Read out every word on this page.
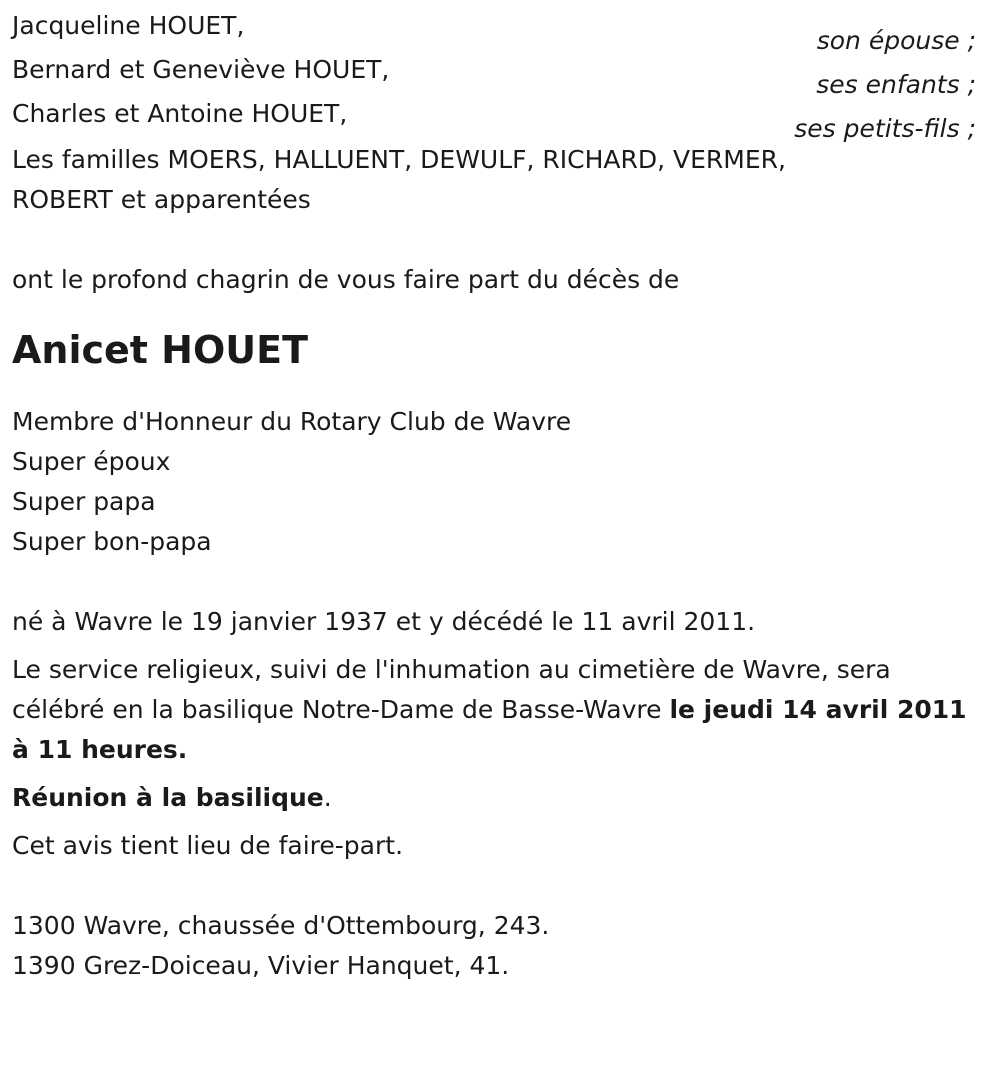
Jacqueline HOUET,
son épouse ;
Bernard et Geneviève HOUET,
ses enfants ;
Charles et Antoine HOUET,
ses petits-fils ;
Les familles MOERS, HALLUENT, DEWULF, RICHARD, VERMER,
ROBERT et apparentées
ont le profond chagrin de vous faire part du décès de
Anicet HOUET
Membre d'Honneur du Rotary Club de Wavre
Super époux
Super papa
Super bon-papa
né à Wavre le 19 janvier 1937 et y décédé le 11 avril 2011.
Le service religieux, suivi de l'inhumation au cimetière de Wavre, sera célébré en la basilique Notre-Dame de Basse-Wavre le jeudi 14 avril 2011 à 11 heures.
Réunion à la basilique.
Cet avis tient lieu de faire-part.
1300 Wavre, chaussée d'Ottembourg, 243.
1390 Grez-Doiceau, Vivier Hanquet, 41.
